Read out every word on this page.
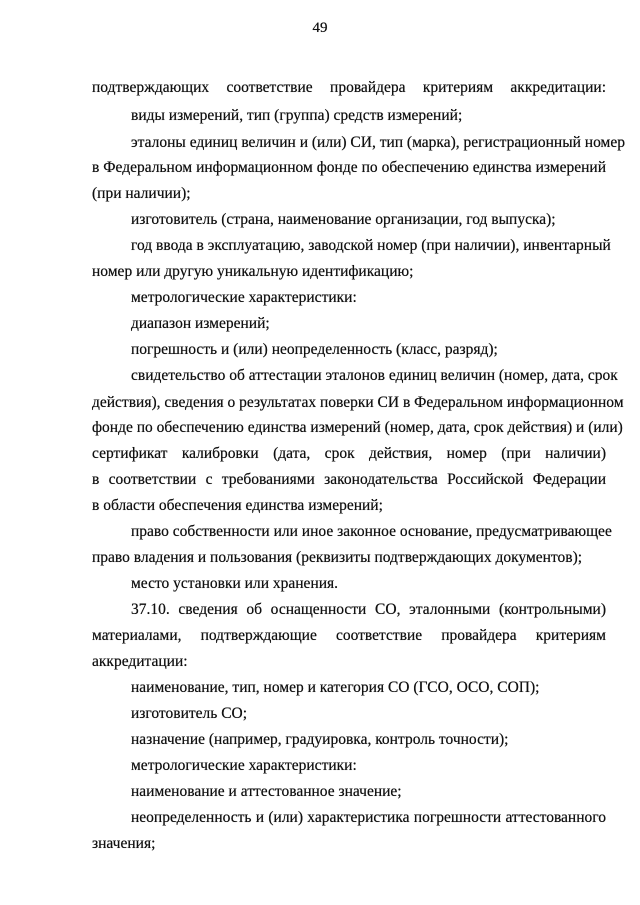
49
подтверждающих соответствие провайдера критериям аккредитации:
виды измерений, тип (группа) средств измерений;
эталоны единиц величин и (или) СИ, тип (марка), регистрационный номер
в Федеральном информационном фонде по обеспечению единства измерений
(при наличии);
изготовитель (страна, наименование организации, год выпуска);
год ввода в эксплуатацию, заводской номер (при наличии), инвентарный
номер или другую уникальную идентификацию;
метрологические характеристики:
диапазон измерений;
погрешность и (или) неопределенность (класс, разряд);
свидетельство об аттестации эталонов единиц величин (номер, дата, срок
действия), сведения о результатах поверки СИ в Федеральном информационном
фонде по обеспечению единства измерений (номер, дата, срок действия) и (или)
сертификат калибровки (дата, срок действия, номер (при наличии)
в соответствии с требованиями законодательства Российской Федерации
в области обеспечения единства измерений;
право собственности или иное законное основание, предусматривающее
право владения и пользования (реквизиты подтверждающих документов);
место установки или хранения.
37.10. сведения об оснащенности СО, эталонными (контрольными)
материалами, подтверждающие соответствие провайдера критериям
аккредитации:
наименование, тип, номер и категория СО (ГСО, ОСО, СОП);
изготовитель СО;
назначение (например, градуировка, контроль точности);
метрологические характеристики:
наименование и аттестованное значение;
неопределенность и (или) характеристика погрешности аттестованного
значения;
